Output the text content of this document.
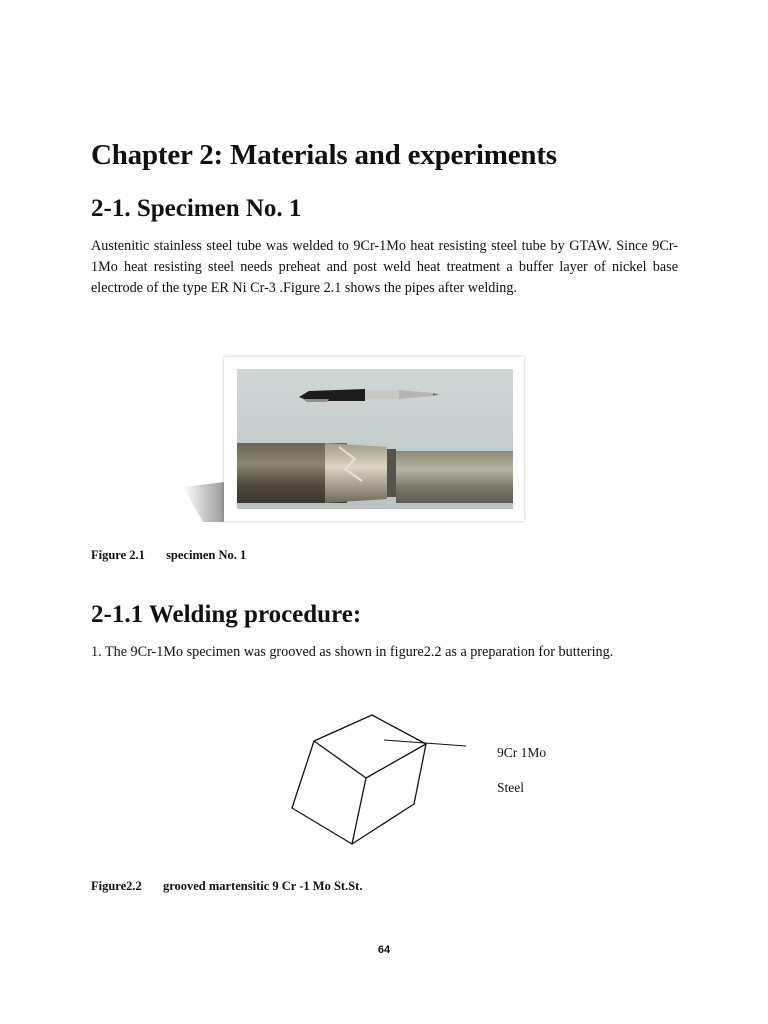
Chapter 2: Materials and experiments
2-1. Specimen No. 1

Austenitic stainless steel tube was welded to 9Cr-1Mo heat resisting steel tube by GTAW. Since 9Cr-1Mo heat resisting steel needs preheat and post weld heat treatment a buffer layer of nickel base electrode of the type ER Ni Cr-3 .Figure 2.1 shows the pipes after welding.

Figure 2.1 specimen No. 1
2-1.1 Welding procedure:

1. The 9Cr-1Mo specimen was grooved as shown in figure2.2 as a preparation for buttering.

9Cr 1Mo
Steel
Figure2.2 grooved martensitic 9 Cr -1 Mo St.St.
64
